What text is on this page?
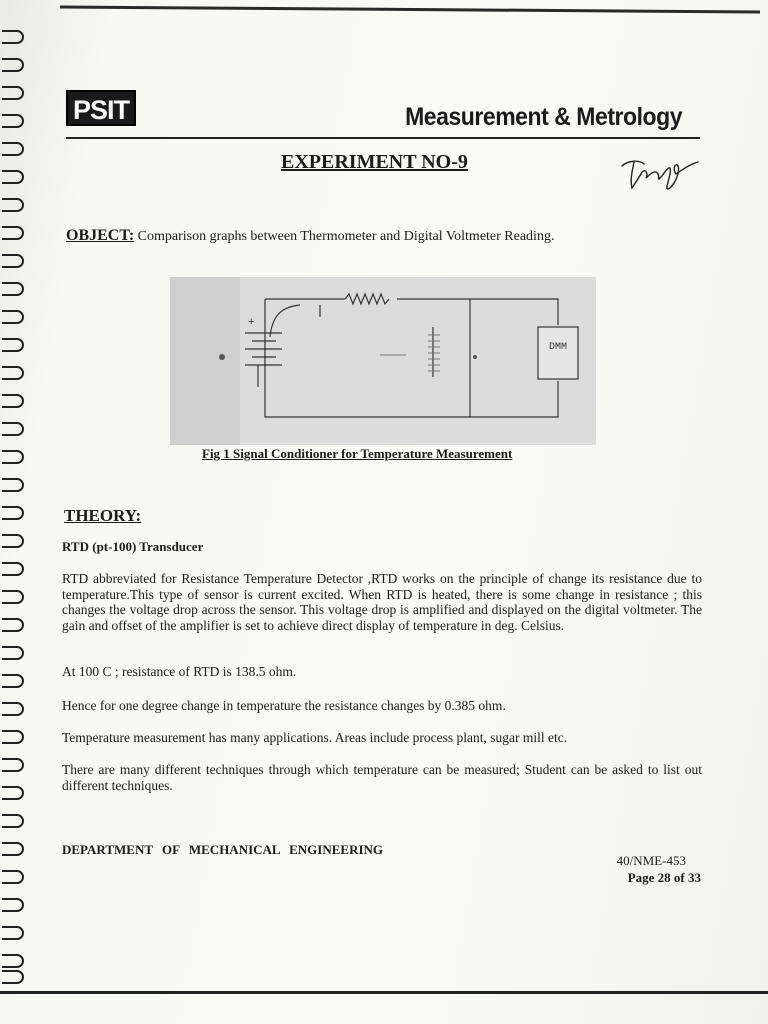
PSIT	Measurement & Metrology
EXPERIMENT NO-9
OBJECT: Comparison graphs between Thermometer and Digital Voltmeter Reading.
DMM
+
Fig 1 Signal Conditioner for Temperature Measurement
THEORY:
RTD (pt-100) Transducer
RTD abbreviated for Resistance Temperature Detector ,RTD works on the principle of change its resistance due to temperature.This type of sensor is current excited. When RTD is heated, there is some change in resistance ; this changes the voltage drop across the sensor. This voltage drop is amplified and displayed on the digital voltmeter. The gain and offset of the amplifier is set to achieve direct display of temperature in deg. Celsius.
At 100 C ; resistance of RTD is 138.5 ohm.
Hence for one degree change in temperature the resistance changes by 0.385 ohm.
Temperature measurement has many applications. Areas include process plant, sugar mill etc.
There are many different techniques through which temperature can be measured; Student can be asked to list out different techniques.
DEPARTMENT OF MECHANICAL ENGINEERING
40/NME-453
Page 28 of 33
